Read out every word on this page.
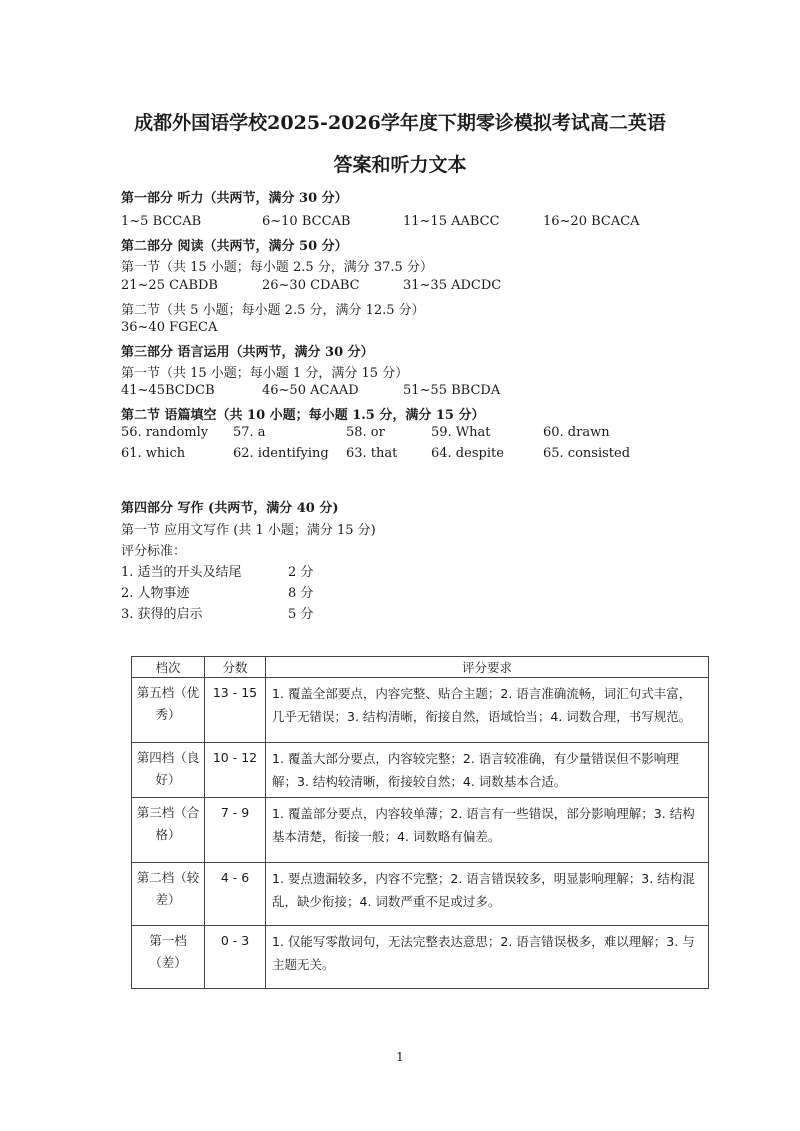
成都外国语学校2025-2026学年度下期零诊模拟考试高二英语
答案和听力文本
第一部分 听力（共两节，满分 30 分）
1~5 BCCAB	6~10 BCCAB	11~15 AABCC	16~20 BCACA
第二部分 阅读（共两节，满分 50 分）
第一节（共 15 小题；每小题 2.5 分，满分 37.5 分）
21~25 CABDB	26~30 CDABC	31~35 ADCDC
第二节（共 5 小题；每小题 2.5 分，满分 12.5 分）
36~40 FGECA
第三部分 语言运用（共两节，满分 30 分）
第一节（共 15 小题；每小题 1 分，满分 15 分）
41~45BCDCB	46~50 ACAAD	51~55 BBCDA
第二节 语篇填空（共 10 小题；每小题 1.5 分，满分 15 分）
56. randomly 57. a	58. or	59. What	60. drawn
61. which	62. identifying 63. that	64. despite	65. consisted
第四部分 写作 (共两节，满分 40 分)
第一节 应用文写作 (共 1 小题；满分 15 分)
评分标准：
1. 适当的开头及结尾	2 分
2. 人物事迹	8 分
3. 获得的启示	5 分
档次	分数	评分要求
第五档（优秀）	13 - 15	1. 覆盖全部要点，内容完整、贴合主题；2. 语言准确流畅，词汇句式丰富，几乎无错误；3. 结构清晰，衔接自然，语域恰当；4. 词数合理，书写规范。
第四档（良好）	10 - 12	1. 覆盖大部分要点，内容较完整；2. 语言较准确，有少量错误但不影响理解；3. 结构较清晰，衔接较自然；4. 词数基本合适。
第三档（合格）	7 - 9	1. 覆盖部分要点，内容较单薄；2. 语言有一些错误，部分影响理解；3. 结构基本清楚，衔接一般；4. 词数略有偏差。
第二档（较差）	4 - 6	1. 要点遗漏较多，内容不完整；2. 语言错误较多，明显影响理解；3. 结构混乱，缺少衔接；4. 词数严重不足或过多。
第一档（差）	0 - 3	1. 仅能写零散词句，无法完整表达意思；2. 语言错误极多，难以理解；3. 与主题无关。
1
